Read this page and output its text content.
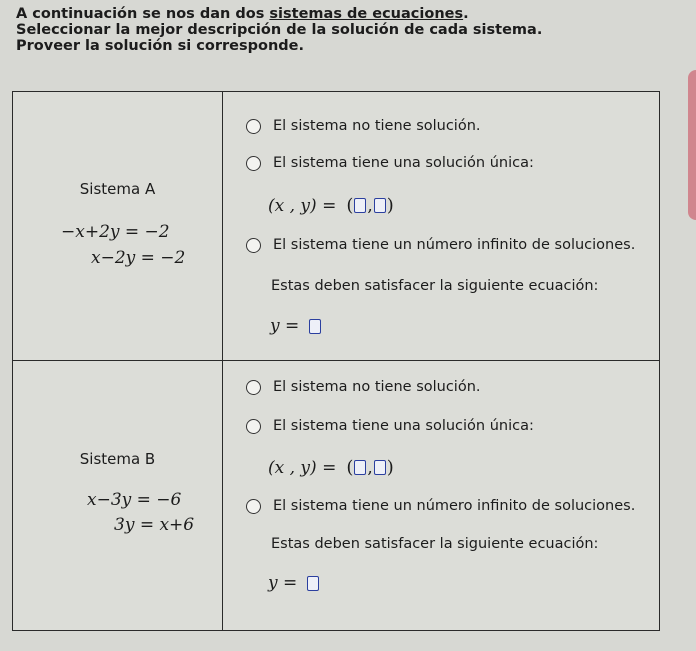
A continuación se nos dan dos sistemas de ecuaciones.
Seleccionar la mejor descripción de la solución de cada sistema.
Proveer la solución si corresponde.
Sistema A
−x+2y = −2
x−2y = −2
El sistema no tiene solución.
El sistema tiene una solución única:
(x , y) = ( , )
El sistema tiene un número infinito de soluciones.
Estas deben satisfacer la siguiente ecuación:
y =
Sistema B
x−3y = −6
3y = x+6
El sistema no tiene solución.
El sistema tiene una solución única:
(x , y) = ( , )
El sistema tiene un número infinito de soluciones.
Estas deben satisfacer la siguiente ecuación:
y =
